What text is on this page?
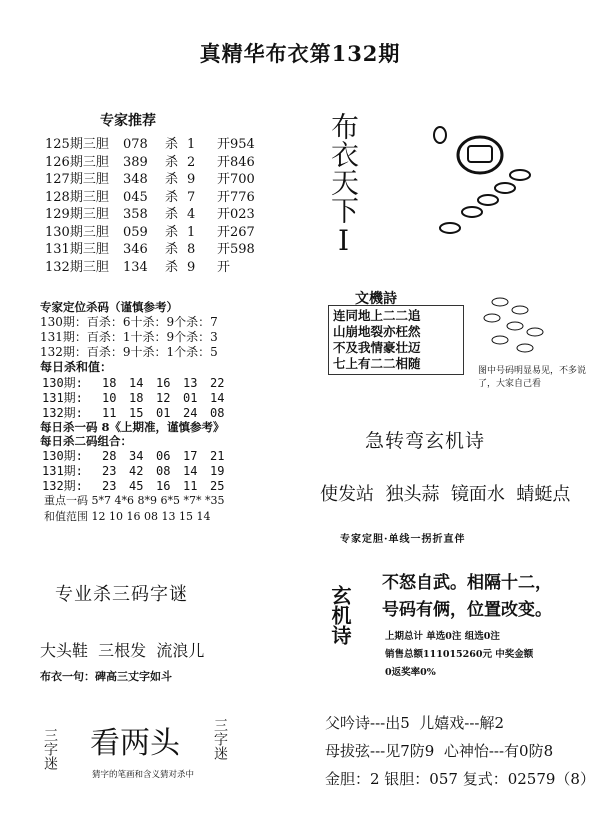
真精华布衣第132期
专家推荐
125期三胆	078	杀 1	开954
126期三胆	389	杀 2	开846
127期三胆	348	杀 9	开700
128期三胆	045	杀 7	开776
129期三胆	358	杀 4	开023
130期三胆	059	杀 1	开267
131期三胆	346	杀 8	开598
132期三胆	134	杀 9	开
专家定位杀码（谨慎参考）
130期：百杀：6十杀：9个杀：7
131期：百杀：1十杀：9个杀：3
132期：百杀：9十杀：1个杀：5
每日杀和值：
130期:	18	14	16	13	22
131期:	10	18	12	01	14
132期:	11	15	01	24	08
每日杀一码 8《上期准，谨慎参考》
每日杀二码组合：
130期:	28	34	06	17	21
131期:	23	42	08	14	19
132期:	23	45	16	11	25
重点一码 5*7 4*6 8*9 6*5 *7* *35
和值范围 12 10 16 08 13 15 14
专业杀三码字谜
大头鞋  三根发  流浪儿
布衣一句：碑高三丈字如斗
三字迷 看两头 三字迷
猜字的笔画和含义猜对杀中
布衣天下I
文機詩
连同地上二二追
山崩地裂亦枉然
不及我情豪壮迈
七上有二二相随	图中号码明显易见，不多说了，大家自己看
急转弯玄机诗
使发站  独头蒜  镜面水  蜻蜓点
专家定胆·单线一拐折直伴
玄机诗
不怒自武。相隔十二，
号码有俩，位置改变。
上期总计 单选0注 组选0注
销售总额111015260元 中奖金额
0返奖率0%
父吟诗---出5  儿嬉戏---解2
母拔弦---见7防9  心神怡---有0防8
金胆：2 银胆：057 复式：02579（8）
